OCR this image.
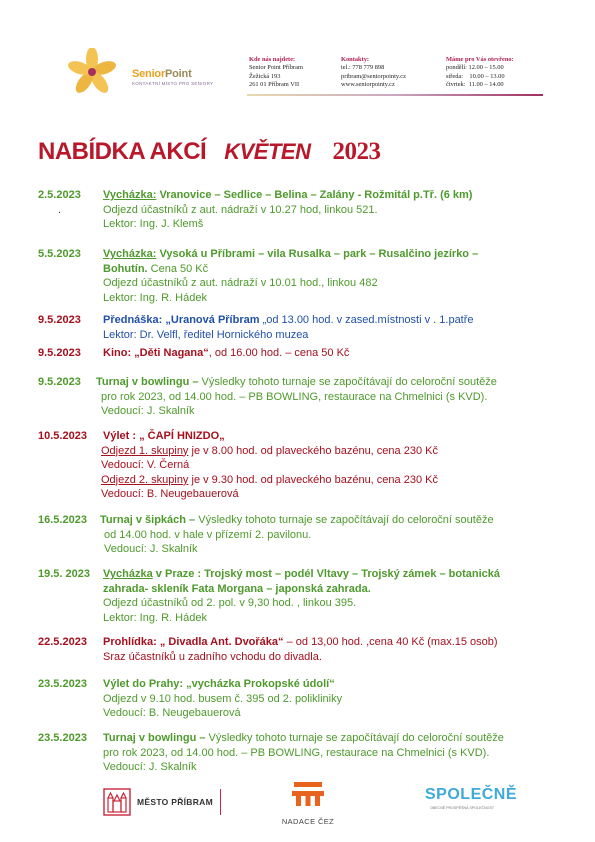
SeniorPoint
KONTAKTNÍ MÍSTO PRO SENIORY
Kde nás najdete:
Senior Point Příbram
Žežická 193
261 01 Příbram VII
Kontakty:
tel.: 778 779 898
pribram@seniorpointy.cz
www.seniorpointy.cz
Máme pro Vás otevřeno:
pondělí: 12.00 – 15.00
středa:    10.00 – 13.00
čtvrtek:  11.00 – 14.00
NABÍDKA AKCÍ KVĚTEN 2023
2.5.2023 Vycházka: Vranovice – Sedlice – Belina – Zalány - Rožmitál p.Tř. (6 km)
.	Odjezd účastníků z aut. nádraží v 10.27 hod, linkou 521.
Lektor: Ing. J. Klemš
5.5.2023 Vycházka: Vysoká u Příbrami – vila Rusalka – park – Rusalčino jezírko –
Bohutín. Cena 50 Kč
Odjezd účastníků z aut. nádraží v 10.01 hod., linkou 482
Lektor: Ing. R. Hádek
9.5.2023 Přednáška: „Uranová Příbram „od 13.00 hod. v zased.místnosti v . 1.patře
Lektor: Dr. Velfl, ředitel Hornického muzea
9.5.2023 Kino: „Děti Nagana“, od 16.00 hod. – cena 50 Kč
9.5.2023 Turnaj v bowlingu – Výsledky tohoto turnaje se započítávají do celoroční soutěže
pro rok 2023, od 14.00 hod. – PB BOWLING, restaurace na Chmelnici (s KVD).
Vedoucí: J. Skalník
10.5.2023 Výlet : „ ČAPÍ HNIZDO„
Odjezd 1. skupiny je v 8.00 hod. od plaveckého bazénu, cena 230 Kč
Vedoucí: V. Černá
Odjezd 2. skupiny je v 9.30 hod. od plaveckého bazénu, cena 230 Kč
Vedoucí: B. Neugebauerová
16.5.2023 Turnaj v šipkách – Výsledky tohoto turnaje se započítávají do celoroční soutěže
od 14.00 hod. v hale v přízemí 2. pavilonu.
Vedoucí: J. Skalník
19.5. 2023 Vycházka v Praze : Trojský most – podél Vltavy – Trojský zámek – botanická
zahrada- skleník Fata Morgana – japonská zahrada.
Odjezd účastníků od 2. pol. v 9,30 hod. , linkou 395.
Lektor: Ing. R. Hádek
22.5.2023 Prohlídka: „ Divadla Ant. Dvořáka“ – od 13,00 hod. ,cena 40 Kč (max.15 osob)
Sraz účastníků u zadního vchodu do divadla.
23.5.2023 Výlet do Prahy: „vycházka Prokopské údolí“
Odjezd v 9.10 hod. busem č. 395 od 2. polikliniky
Vedoucí: B. Neugebauerová
23.5.2023 Turnaj v bowlingu – Výsledky tohoto turnaje se započítávají do celoroční soutěže
pro rok 2023, od 14.00 hod. – PB BOWLING, restaurace na Chmelnici (s KVD).
Vedoucí: J. Skalník
MĚSTO PŘÍBRAM
NADACE ČEZ
SPOLEČNĚ
OBECNĚ PROSPĚŠNÁ SPOLEČNOST
